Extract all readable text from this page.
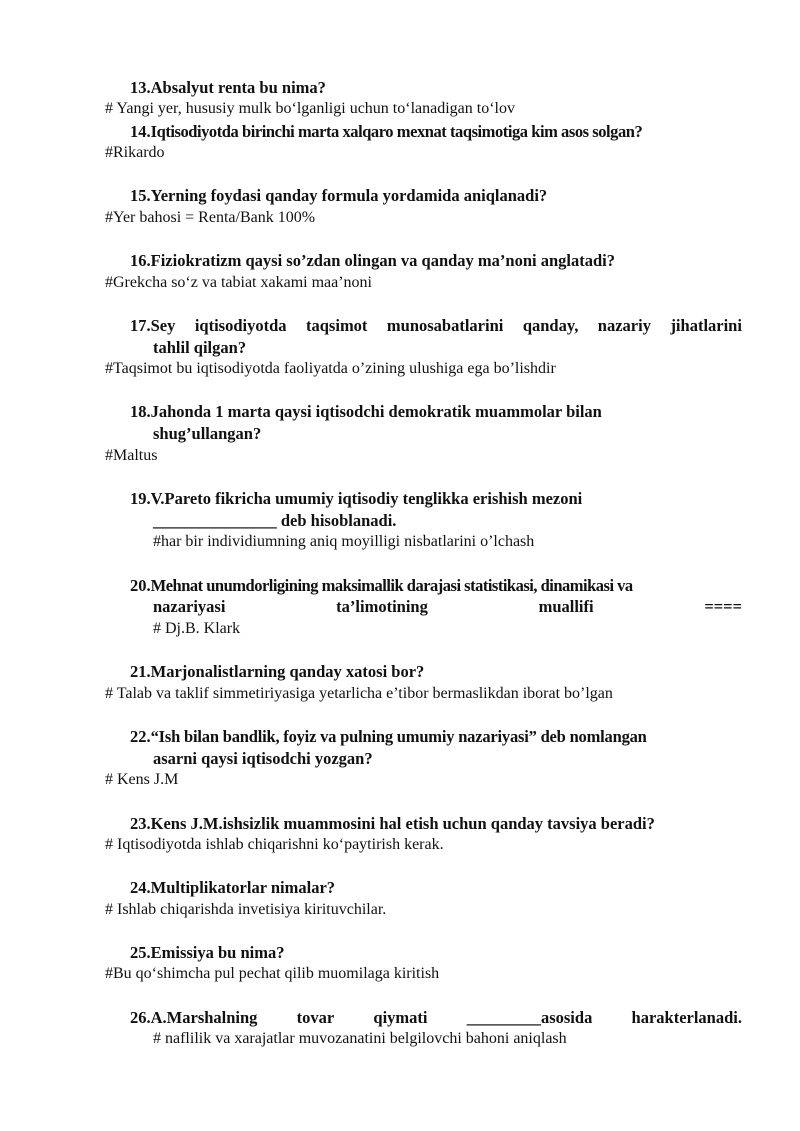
13.Absalyut renta bu nima?
# Yangi yer, hususiy mulk bo‘lganligi uchun to‘lanadigan to‘lov
14.Iqtisodiyotda birinchi marta xalqaro mexnat taqsimotiga kim asos solgan?
#Rikardo
15.Yerning foydasi qanday formula yordamida aniqlanadi?
#Yer bahosi = Renta/Bank 100%
16.Fiziokratizm qaysi so’zdan olingan va qanday ma’noni anglatadi?
#Grekcha so‘z va tabiat xakami maa’noni
17.Sey iqtisodiyotda taqsimot munosabatlarini qanday, nazariy jihatlarini
tahlil qilgan?
#Taqsimot bu iqtisodiyotda faoliyatda o’zining ulushiga ega bo’lishdir
18.Jahonda 1 marta qaysi iqtisodchi demokratik muammolar bilan
shug’ullangan?
#Maltus
19.V.Pareto fikricha umumiy iqtisodiy tenglikka erishish mezoni
_______________ deb hisoblanadi.
#har bir individiumning aniq moyilligi nisbatlarini o’lchash
20.Mehnat unumdorligining maksimallik darajasi statistikasi, dinamikasi va
nazariyasi	ta’limotining	muallifi	====
# Dj.B. Klark
21.Marjonalistlarning qanday xatosi bor?
# Talab va taklif simmetiriyasiga yetarlicha e’tibor bermaslikdan iborat bo’lgan
22.“Ish bilan bandlik, foyiz va pulning umumiy nazariyasi” deb nomlangan
asarni qaysi iqtisodchi yozgan?
# Kens J.M
23.Kens J.M.ishsizlik muammosini hal etish uchun qanday tavsiya beradi?
# Iqtisodiyotda ishlab chiqarishni ko‘paytirish kerak.
24.Multiplikatorlar nimalar?
# Ishlab chiqarishda invetisiya kirituvchilar.
25.Emissiya bu nima?
#Bu qo‘shimcha pul pechat qilib muomilaga kiritish
26.A.Marshalning tovar qiymati _________asosida harakterlanadi.
# naflilik va xarajatlar muvozanatini belgilovchi bahoni aniqlash
